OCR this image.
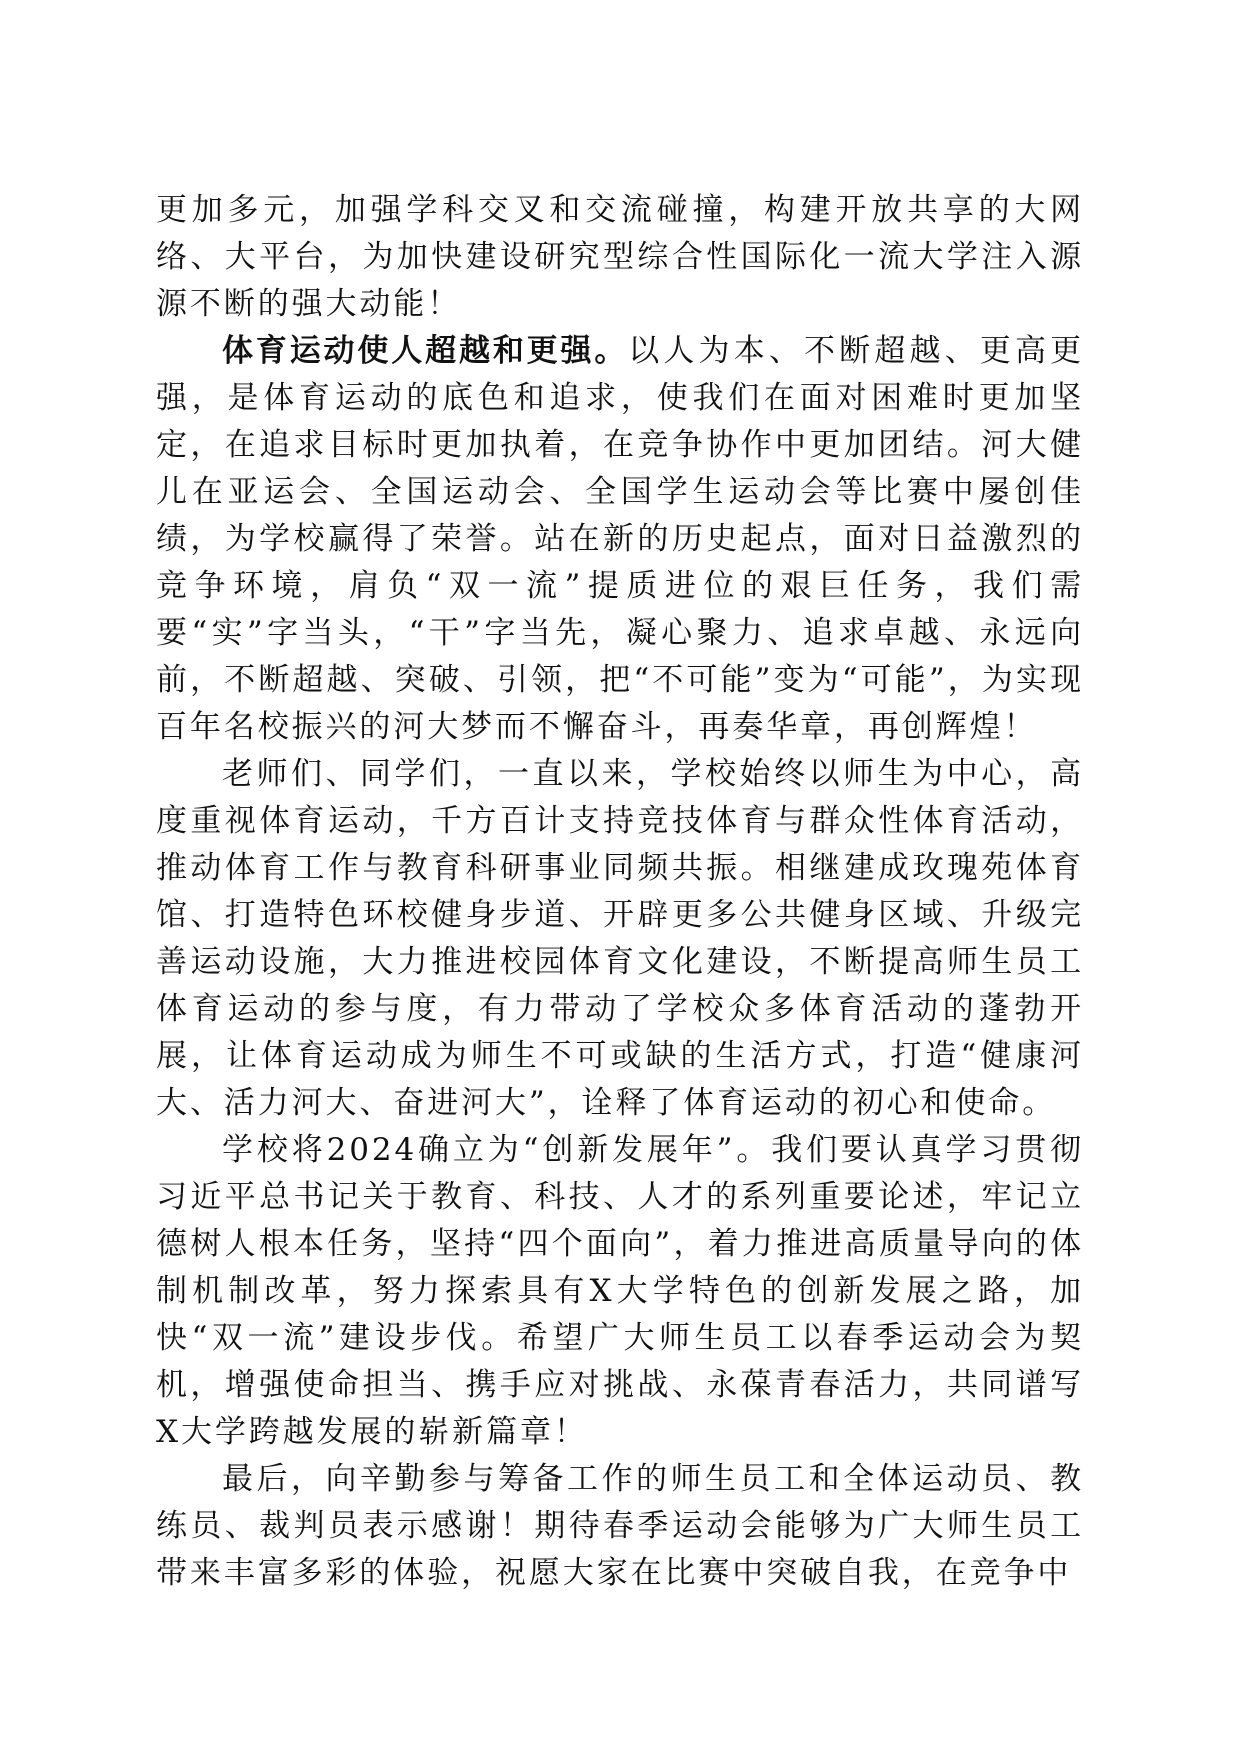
更加多元，加强学科交叉和交流碰撞，构建开放共享的大网络、大平台，为加快建设研究型综合性国际化一流大学注入源源不断的强大动能！

体育运动使人超越和更强。以人为本、不断超越、更高更强，是体育运动的底色和追求，使我们在面对困难时更加坚定，在追求目标时更加执着，在竞争协作中更加团结。河大健儿在亚运会、全国运动会、全国学生运动会等比赛中屡创佳绩，为学校赢得了荣誉。站在新的历史起点，面对日益激烈的竞争环境，肩负“双一流”提质进位的艰巨任务，我们需要“实”字当头，“干”字当先，凝心聚力、追求卓越、永远向前，不断超越、突破、引领，把“不可能”变为“可能”，为实现百年名校振兴的河大梦而不懈奋斗，再奏华章，再创辉煌！

老师们、同学们，一直以来，学校始终以师生为中心，高度重视体育运动，千方百计支持竞技体育与群众性体育活动，推动体育工作与教育科研事业同频共振。相继建成玫瑰苑体育馆、打造特色环校健身步道、开辟更多公共健身区域、升级完善运动设施，大力推进校园体育文化建设，不断提高师生员工体育运动的参与度，有力带动了学校众多体育活动的蓬勃开展，让体育运动成为师生不可或缺的生活方式，打造“健康河大、活力河大、奋进河大”，诠释了体育运动的初心和使命。

学校将2024确立为“创新发展年”。我们要认真学习贯彻习近平总书记关于教育、科技、人才的系列重要论述，牢记立德树人根本任务，坚持“四个面向”，着力推进高质量导向的体制机制改革，努力探索具有X大学特色的创新发展之路，加快“双一流”建设步伐。希望广大师生员工以春季运动会为契机，增强使命担当、携手应对挑战、永葆青春活力，共同谱写X大学跨越发展的崭新篇章！

最后，向辛勤参与筹备工作的师生员工和全体运动员、教练员、裁判员表示感谢！期待春季运动会能够为广大师生员工带来丰富多彩的体验，祝愿大家在比赛中突破自我，在竞争中
